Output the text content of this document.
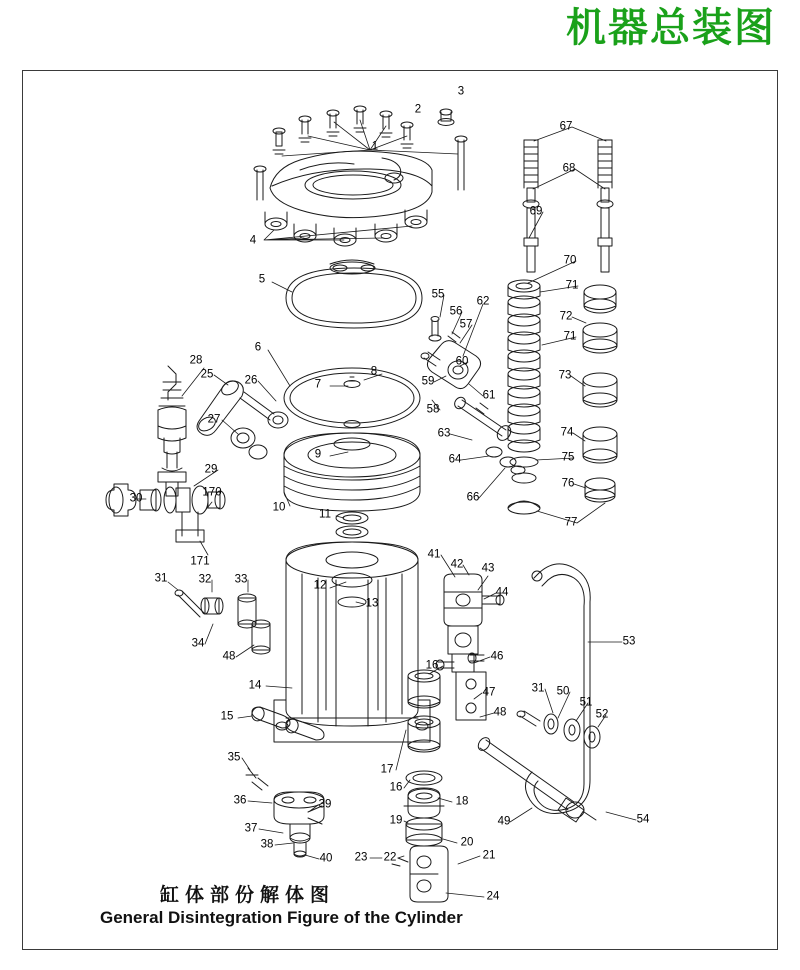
机器总装图
1
2
3
4
5
6
7
8
9
10
11
12
13
14
15
16
16
17
18
19
20
21
22
23
24
25	26
27
28
29
30
31	32 33
34
35
36
37
38
39
40
41
42 43
44
46
47
48
48
49
50
51
52
31
53
54
55
56
57
58
59
60
61
62
63
64
66
67
68
69
70
71
71
72
73
74
75
76
77
170
171
缸体部份解体图
General Disintegration Figure of the Cylinder
